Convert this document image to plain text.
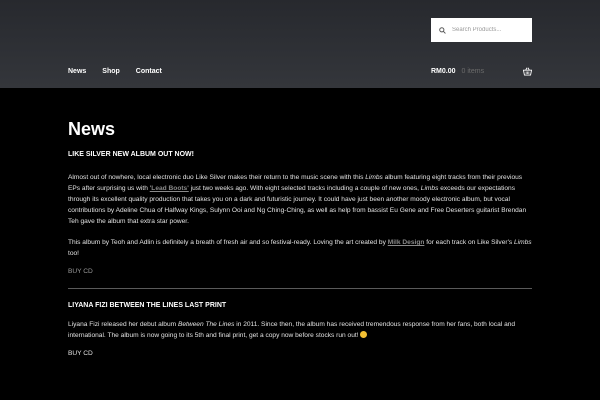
Search Products...
News Shop Contact	RM0.00 0 items
News
LIKE SILVER NEW ALBUM OUT NOW!

Almost out of nowhere, local electronic duo Like Silver makes their return to the music scene with this Limbs album featuring eight tracks from their previous EPs after surprising us with 'Lead Boots' just two weeks ago. With eight selected tracks including a couple of new ones, Limbs exceeds our expectations through its excellent quality production that takes you on a dark and futuristic journey. It could have just been another moody electronic album, but vocal contributions by Adeline Chua of Halfway Kings, Sulynn Ooi and Ng Ching-Ching, as well as help from bassist Eu Gene and Free Deserters guitarist Brendan Teh gave the album that extra star power.

This album by Teoh and Adlin is definitely a breath of fresh air and so festival-ready. Loving the art created by Milk Design for each track on Like Silver's Limbs too!

BUY CD
LIYANA FIZI BETWEEN THE LINES LAST PRINT

Liyana Fizi released her debut album Between The Lines in 2011. Since then, the album has received tremendous response from her fans, both local and international. The album is now going to its 5th and final print, get a copy now before stocks run out!

BUY CD
